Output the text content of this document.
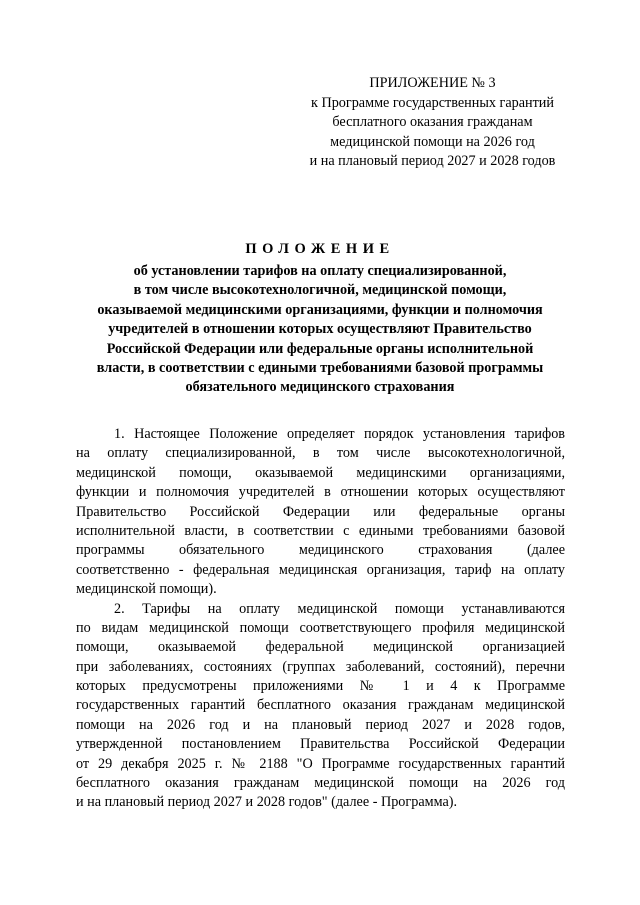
ПРИЛОЖЕНИЕ № 3
к Программе государственных гарантий
бесплатного оказания гражданам
медицинской помощи на 2026 год
и на плановый период 2027 и 2028 годов
ПОЛОЖЕНИЕ
об установлении тарифов на оплату специализированной,
в том числе высокотехнологичной, медицинской помощи,
оказываемой медицинскими организациями, функции и полномочия
учредителей в отношении которых осуществляют Правительство
Российской Федерации или федеральные органы исполнительной
власти, в соответствии с едиными требованиями базовой программы
обязательного медицинского страхования
1. Настоящее Положение определяет порядок установления тарифов
на оплату специализированной, в том числе высокотехнологичной,
медицинской помощи, оказываемой медицинскими организациями,
функции и полномочия учредителей в отношении которых осуществляют
Правительство Российской Федерации или федеральные органы
исполнительной власти, в соответствии с едиными требованиями базовой
программы обязательного медицинского страхования (далее
соответственно - федеральная медицинская организация, тариф на оплату
медицинской помощи).
2. Тарифы на оплату медицинской помощи устанавливаются
по видам медицинской помощи соответствующего профиля медицинской
помощи, оказываемой федеральной медицинской организацией
при заболеваниях, состояниях (группах заболеваний, состояний), перечни
которых предусмотрены приложениями № 1 и 4 к Программе
государственных гарантий бесплатного оказания гражданам медицинской
помощи на 2026 год и на плановый период 2027 и 2028 годов,
утвержденной постановлением Правительства Российской Федерации
от 29 декабря 2025 г. № 2188 "О Программе государственных гарантий
бесплатного оказания гражданам медицинской помощи на 2026 год
и на плановый период 2027 и 2028 годов" (далее - Программа).
